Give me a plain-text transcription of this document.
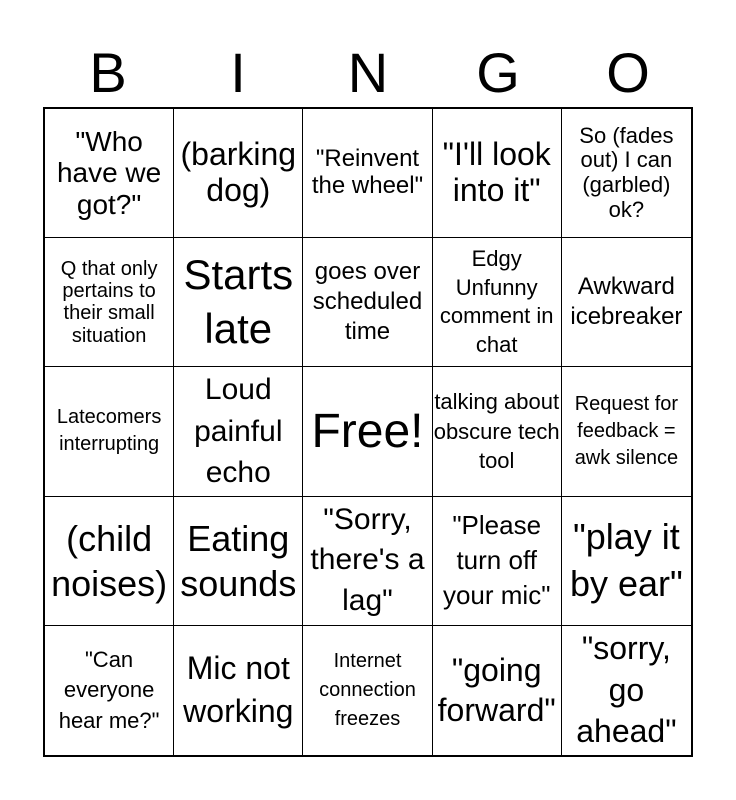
B	I	N	G	O
"Who have we got?"
(barking dog)
"Reinvent the wheel"
"I'll look into it"
So (fades out) I can (garbled) ok?
Q that only pertains to their small situation
Starts late
goes over scheduled time
Edgy Unfunny comment in chat
Awkward icebreaker
Latecomers interrupting
Loud painful echo
Free!
talking about obscure tech tool
Request for feedback = awk silence
(child noises)
Eating sounds
"Sorry, there's a lag"
"Please turn off your mic"
"play it by ear"
"Can everyone hear me?"
Mic not working
Internet connection freezes
"going forward"
"sorry, go ahead"
